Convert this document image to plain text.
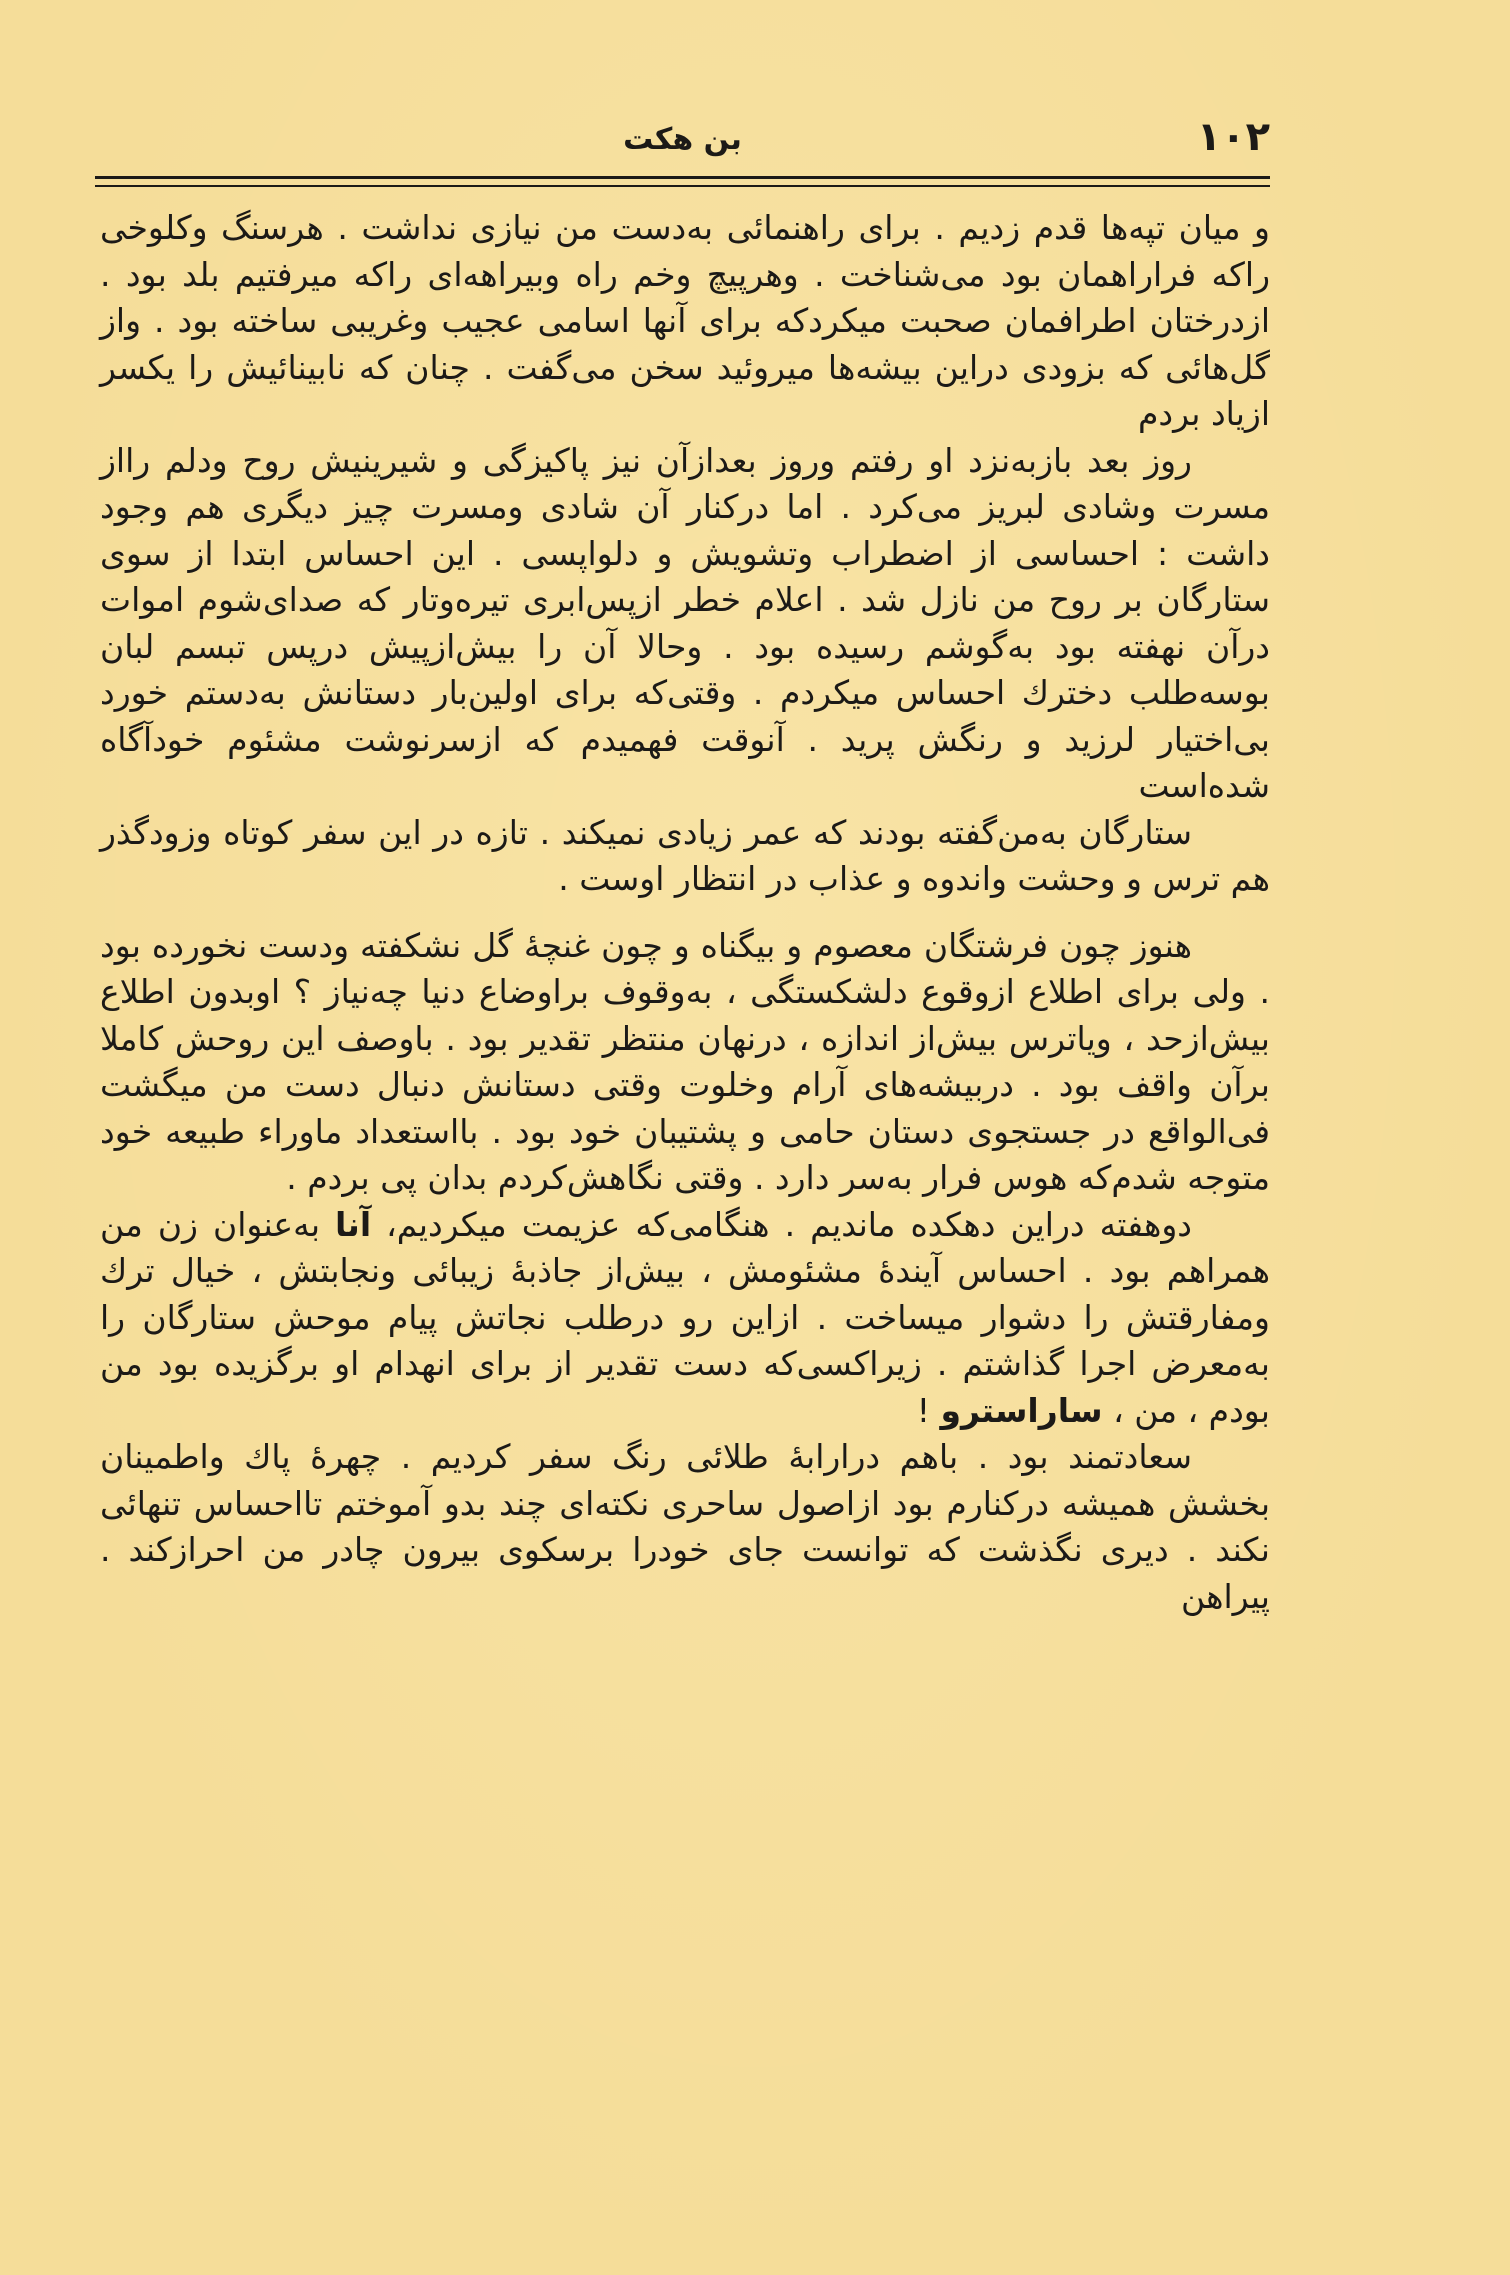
۱۰۲
بن هکت

و میان تپه‌ها قدم زدیم . برای راهنمائی به‌دست من نیازی نداشت . هرسنگ وکلوخی راکه فراراهمان بود می‌شناخت . وهرپیچ وخم راه وبیراهه‌ای راکه میرفتیم بلد بود . ازدرختان اطرافمان صحبت میکردکه برای آنها اسامی عجیب وغریبی ساخته بود . واز گل‌هائی که بزودی دراین بیشه‌ها میروئید سخن می‌گفت . چنان که نابینائیش را یکسر ازیاد بردم

روز بعد بازبه‌نزد او رفتم وروز بعدازآن نیز پاکیزگی و شیرینیش روح ودلم رااز مسرت وشادی لبریز می‌کرد . اما درکنار آن شادی ومسرت چیز دیگری هم وجود داشت : احساسی از اضطراب وتشویش و دلواپسی . این احساس ابتدا از سوی ستارگان بر روح من نازل شد . اعلام خطر ازپس‌ابری تیره‌وتار که صدای‌شوم اموات درآن نهفته بود به‌گوشم رسیده بود . وحالا آن را بیش‌ازپیش درپس تبسم لبان بوسه‌طلب دخترك احساس میکردم . وقتی‌که برای اولین‌بار دستانش به‌دستم خورد بی‌اختیار لرزید و رنگش پرید . آنوقت فهمیدم که ازسرنوشت مشئوم خودآگاه شده‌است

ستارگان به‌من‌گفته بودند که عمر زیادی نمیکند . تازه در این سفر کوتاه وزودگذر هم ترس و وحشت واندوه و عذاب در انتظار اوست .

هنوز چون فرشتگان معصوم و بیگناه و چون غنچهٔ گل نشکفته ودست نخورده بود . ولی برای اطلاع ازوقوع دلشکستگی ، به‌وقوف براوضاع دنیا چه‌نیاز ؟ اوبدون اطلاع بیش‌ازحد ، ویاترس بیش‌از اندازه ، درنهان منتظر تقدیر بود . باوصف این روحش کاملا برآن واقف بود . دربیشه‌های آرام وخلوت وقتی دستانش دنبال دست من میگشت فی‌الواقع در جستجوی دستان حامی و پشتیبان خود بود . بااستعداد ماوراء طبیعه خود متوجه شدم‌که هوس فرار به‌سر دارد . وقتی نگاهش‌کردم بدان پی بردم .

دوهفته دراین دهکده ماندیم . هنگامی‌که عزیمت میکردیم، آنا به‌عنوان زن من همراهم بود . احساس آیندهٔ مشئومش ، بیش‌از جاذبهٔ زیبائی ونجابتش ، خیال ترك ومفارقتش را دشوار میساخت . ازاین رو درطلب نجاتش پیام موحش ستارگان را به‌معرض اجرا گذاشتم . زیراکسی‌که دست تقدیر از برای انهدام او برگزیده بود من بودم ، من ، ساراسترو !

سعادتمند بود . باهم درارابهٔ طلائی رنگ سفر کردیم . چهرهٔ پاك واطمینان بخشش همیشه درکنارم بود ازاصول ساحری نکته‌ای چند بدو آموختم تااحساس تنهائی نکند . دیری نگذشت که توانست جای خودرا برسکوی بیرون چادر من احرازکند . پیراهن
